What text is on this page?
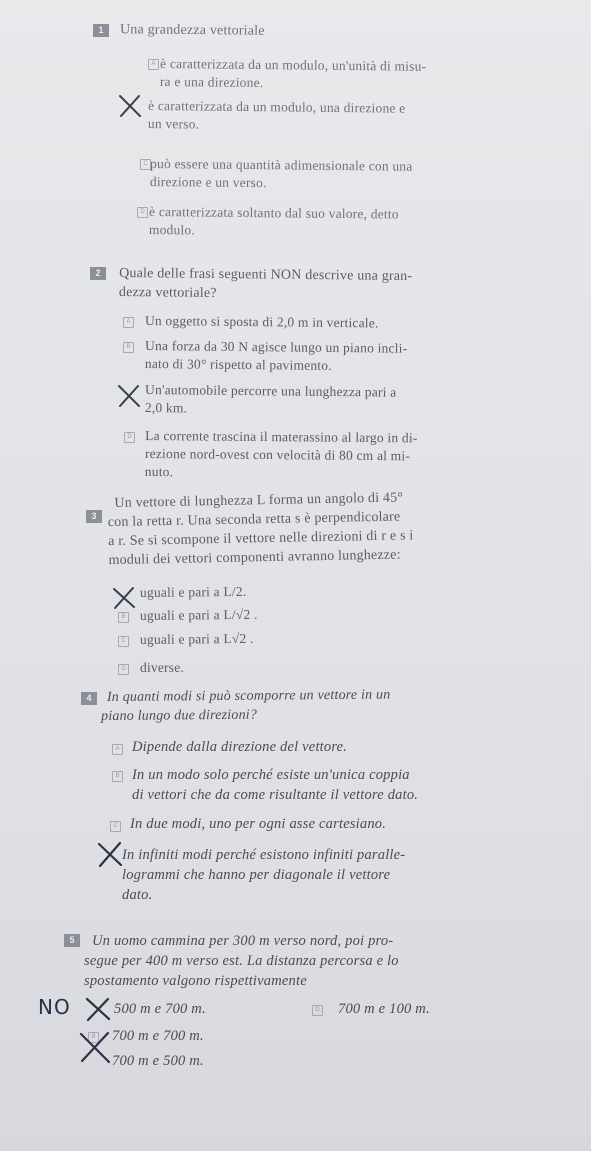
1	Una grandezza vettoriale
A è caratterizzata da un modulo, un'unità di misu-
ra e una direzione.
è caratterizzata da un modulo, una direzione e
un verso.
C può essere una quantità adimensionale con una
direzione e un verso.
D è caratterizzata soltanto dal suo valore, detto
modulo.
2	Quale delle frasi seguenti NON descrive una gran-
dezza vettoriale?
A Un oggetto si sposta di 2,0 m in verticale.
B Una forza da 30 N agisce lungo un piano incli-
nato di 30° rispetto al pavimento.
Un'automobile percorre una lunghezza pari a
2,0 km.
D La corrente trascina il materassino al largo in di-
rezione nord-ovest con velocità di 80 cm al mi-
nuto.
3
Un vettore di lunghezza L forma un angolo di 45°
con la retta r. Una seconda retta s è perpendicolare
a r. Se si scompone il vettore nelle direzioni di r e s i
moduli dei vettori componenti avranno lunghezze:
uguali e pari a L/2.
B uguali e pari a L/√2 .
C uguali e pari a L√2 .
D diverse.
4	In quanti modi si può scomporre un vettore in un
piano lungo due direzioni?
A Dipende dalla direzione del vettore.
B In un modo solo perché esiste un'unica coppia
di vettori che da come risultante il vettore dato.
C In due modi, uno per ogni asse cartesiano.
In infiniti modi perché esistono infiniti paralle-
logrammi che hanno per diagonale il vettore
dato.
5	Un uomo cammina per 300 m verso nord, poi pro-
segue per 400 m verso est. La distanza percorsa e lo
spostamento valgono rispettivamente
NO	500 m e 700 m.	D 700 m e 100 m.
B 700 m e 700 m.
700 m e 500 m.
